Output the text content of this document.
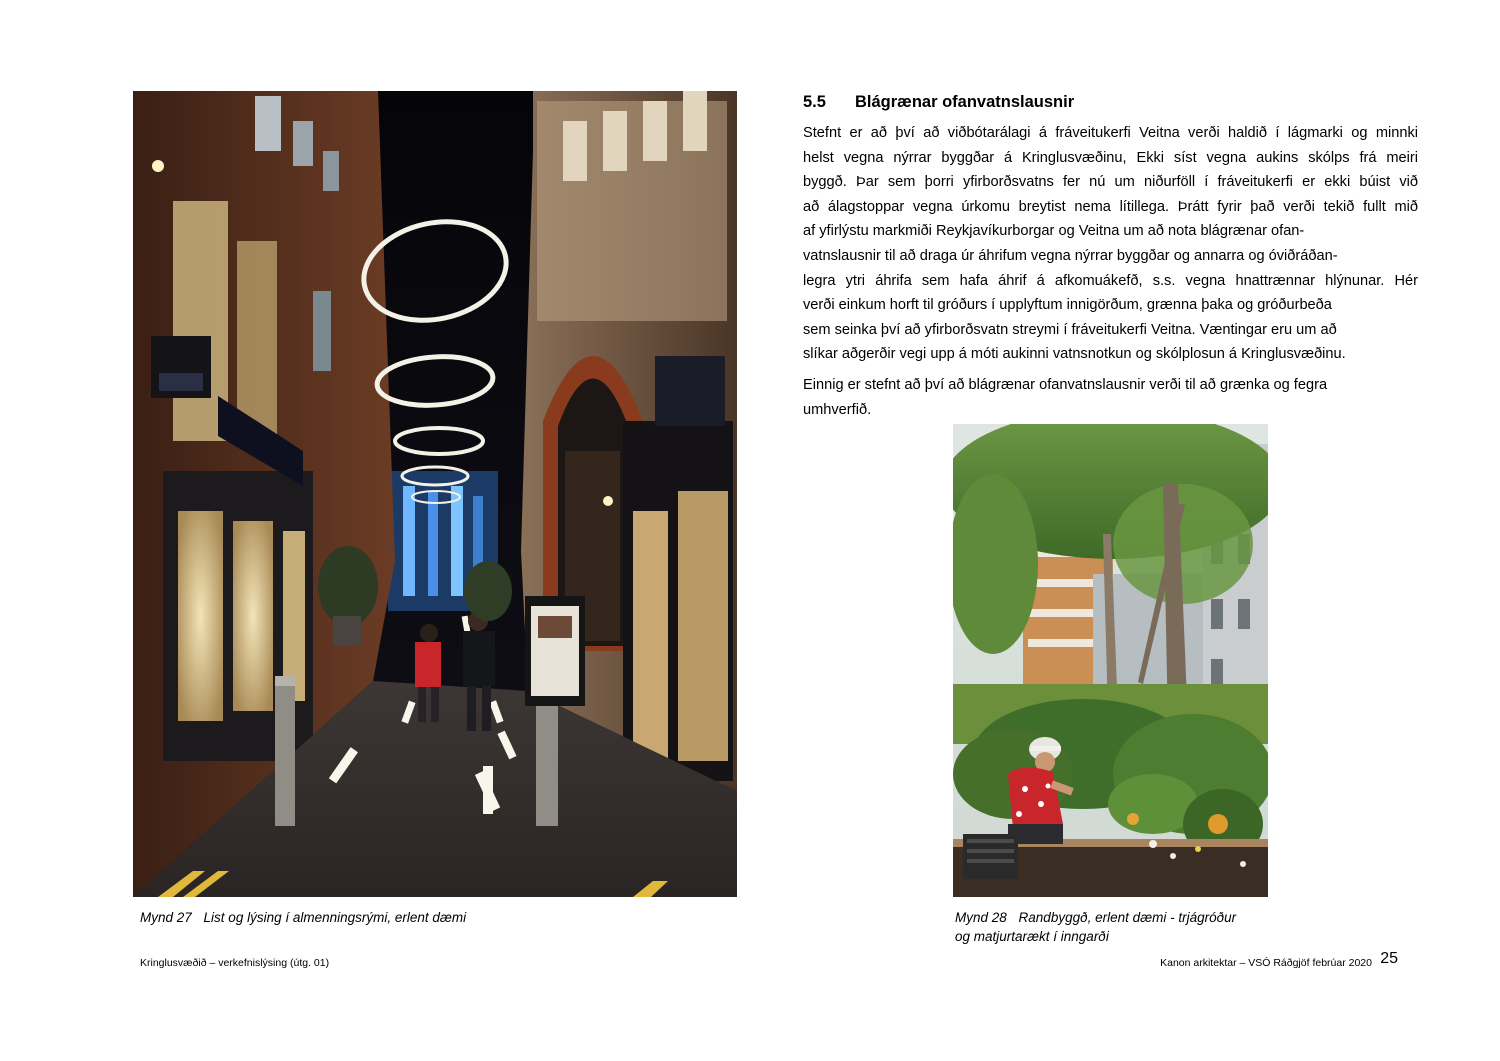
Mynd 27 List og lýsing í almenningsrými, erlent dæmi	Mynd 28 Randbyggð, erlent dæmi - trjágróður
og matjurtarækt í inngarði
5.5 Blágrænar ofanvatnslausnir
Stefnt er að því að viðbótarálagi á fráveitukerfi Veitna verði haldið í lágmarki og minnki
helst vegna nýrrar byggðar á Kringlusvæðinu, Ekki síst vegna aukins skólps frá meiri
byggð. Þar sem þorri yfirborðsvatns fer nú um niðurföll í fráveitukerfi er ekki búist við
að álagstoppar vegna úrkomu breytist nema lítillega. Þrátt fyrir það verði tekið fullt mið
af yfirlýstu markmiði Reykjavíkurborgar og Veitna um að nota blágrænar ofan-
vatnslausnir til að draga úr áhrifum vegna nýrrar byggðar og annarra og óviðráðan-
legra ytri áhrifa sem hafa áhrif á afkomuákefð, s.s. vegna hnattrænnar hlýnunar. Hér
verði einkum horft til gróðurs í upplyftum innigörðum, grænna þaka og gróðurbeða
sem seinka því að yfirborðsvatn streymi í fráveitukerfi Veitna. Væntingar eru um að
slíkar aðgerðir vegi upp á móti aukinni vatnsnotkun og skólplosun á Kringlusvæðinu.
Einnig er stefnt að því að blágrænar ofanvatnslausnir verði til að grænka og fegra
umhverfið.
Kringlusvæðið – verkefnislýsing (útg. 01)	Kanon arkitektar – VSÓ Ráðgjöf febrúar 2020 25
